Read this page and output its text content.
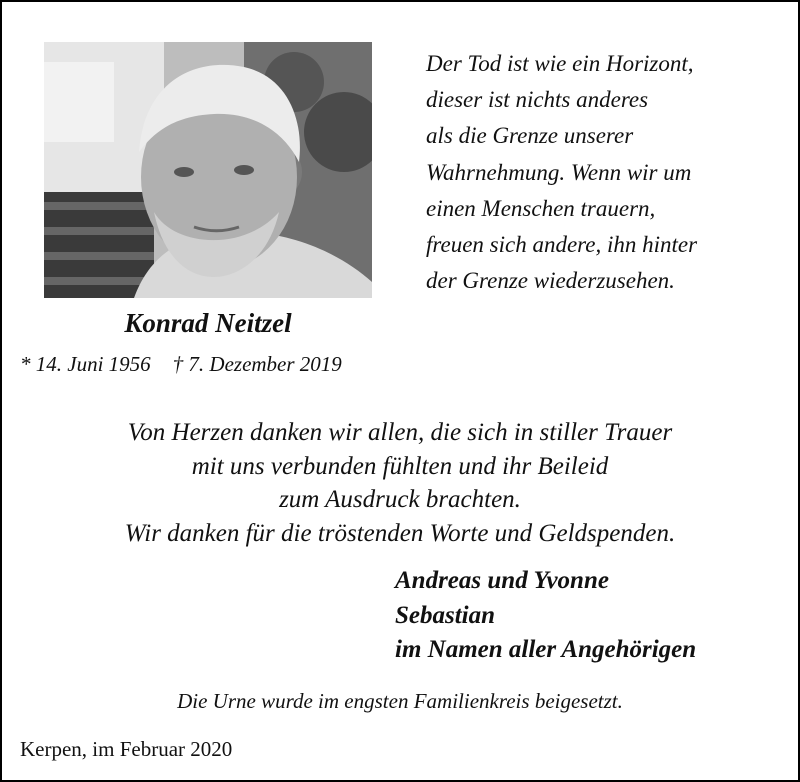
Der Tod ist wie ein Horizont,
dieser ist nichts anderes
als die Grenze unserer
Wahrnehmung. Wenn wir um
einen Menschen trauern,
freuen sich andere, ihn hinter
der Grenze wiederzusehen.
Konrad Neitzel
* 14. Juni 1956 † 7. Dezember 2019
Von Herzen danken wir allen, die sich in stiller Trauer
mit uns verbunden fühlten und ihr Beileid
zum Ausdruck brachten.
Wir danken für die tröstenden Worte und Geldspenden.
Andreas und Yvonne
Sebastian
im Namen aller Angehörigen
Die Urne wurde im engsten Familienkreis beigesetzt.
Kerpen, im Februar 2020
